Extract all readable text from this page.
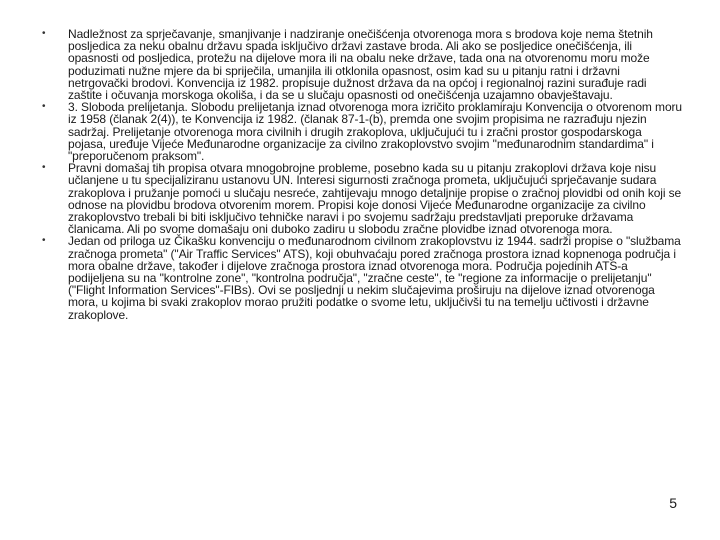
• Nadležnost za sprječavanje, smanjivanje i nadziranje onečišćenja otvorenoga mora s brodova koje nema štetnih posljedica za neku obalnu državu spada isključivo državi zastave broda. Ali ako se posljedice onečišćenja, ili opasnosti od posljedica, protežu na dijelove mora ili na obalu neke države, tada ona na otvorenomu moru može poduzimati nužne mjere da bi spriječila, umanjila ili otklonila opasnost, osim kad su u pitanju ratni i državni netrgovački brodovi. Konvencija iz 1982. propisuje dužnost država da na općoj i regionalnoj razini surađuje radi zaštite i očuvanja morskoga okoliša, i da se u slučaju opasnosti od onečišćenja uzajamno obavještavaju.
• 3. Sloboda prelijetanja. Slobodu prelijetanja iznad otvorenoga mora izričito proklamiraju Konvencija o otvorenom moru iz 1958 (članak 2(4)), te Konvencija iz 1982. (članak 87-1-(b), premda one svojim propisima ne razrađuju njezin sadržaj. Prelijetanje otvorenoga mora civilnih i drugih zrakoplova, uključujući tu i zračni prostor gospodarskoga pojasa, uređuje Vijeće Međunarodne organizacije za civilno zrakoplovstvo svojim "međunarodnim standardima" i "preporučenom praksom".
• Pravni domašaj tih propisa otvara mnogobrojne probleme, posebno kada su u pitanju zrakoplovi država koje nisu učlanjene u tu specijaliziranu ustanovu UN. Interesi sigurnosti zračnoga prometa, uključujući sprječavanje sudara zrakoplova i pružanje pomoći u slučaju nesreće, zahtijevaju mnogo detaljnije propise o zračnoj plovidbi od onih koji se odnose na plovidbu brodova otvorenim morem. Propisi koje donosi Vijeće Međunarodne organizacije za civilno zrakoplovstvo trebali bi biti isključivo tehničke naravi i po svojemu sadržaju predstavljati preporuke državama članicama. Ali po svome domašaju oni duboko zadiru u slobodu zračne plovidbe iznad otvorenoga mora.
• Jedan od priloga uz Čikašku konvenciju o međunarodnom civilnom zrakoplovstvu iz 1944. sadrži propise o "službama zračnoga prometa" ("Air Traffic Services" ATS), koji obuhvaćaju pored zračnoga prostora iznad kopnenoga područja i mora obalne države, također i dijelove zračnoga prostora iznad otvorenoga mora. Područja pojedinih ATS-a podijeljena su na "kontrolne zone", "kontrolna područja", "zračne ceste", te "regione za informacije o prelijetanju" ("Flight Information Services"-FIBs). Ovi se posljednji u nekim slučajevima proširuju na dijelove iznad otvorenoga mora, u kojima bi svaki zrakoplov morao pružiti podatke o svome letu, uključivši tu na temelju učtivosti i državne zrakoplove.
5
